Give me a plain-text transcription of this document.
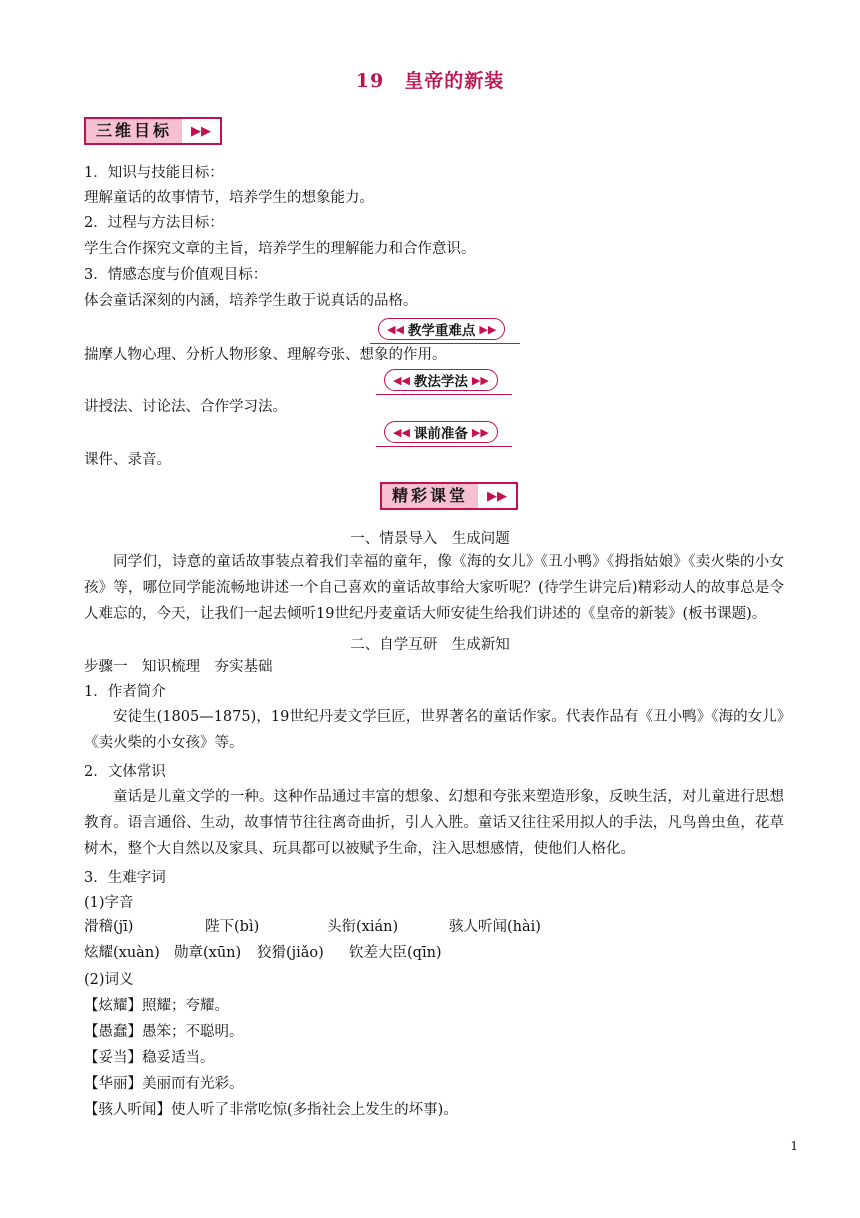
19　皇帝的新装
三维目标	▶▶
1．知识与技能目标：
理解童话的故事情节，培养学生的想象能力。
2．过程与方法目标：
学生合作探究文章的主旨，培养学生的理解能力和合作意识。
3．情感态度与价值观目标：
体会童话深刻的内涵，培养学生敢于说真话的品格。
◀◀ 教学重难点 ▶▶
揣摩人物心理、分析人物形象、理解夸张、想象的作用。
◀◀ 教法学法 ▶▶
讲授法、讨论法、合作学习法。
◀◀ 课前准备 ▶▶
课件、录音。
精彩课堂	▶▶
一、情景导入　生成问题
同学们，诗意的童话故事装点着我们幸福的童年，像《海的女儿》《丑小鸭》《拇指姑娘》《卖火柴的小女孩》等，哪位同学能流畅地讲述一个自己喜欢的童话故事给大家听呢？(待学生讲完后)精彩动人的故事总是令人难忘的，今天，让我们一起去倾听19世纪丹麦童话大师安徒生给我们讲述的《皇帝的新装》(板书课题)。
二、自学互研　生成新知
步骤一　知识梳理　夯实基础
1．作者简介
安徒生(1805—1875)，19世纪丹麦文学巨匠，世界著名的童话作家。代表作品有《丑小鸭》《海的女儿》《卖火柴的小女孩》等。
2．文体常识
童话是儿童文学的一种。这种作品通过丰富的想象、幻想和夸张来塑造形象，反映生活，对儿童进行思想教育。语言通俗、生动，故事情节往往离奇曲折，引人入胜。童话又往往采用拟人的手法，凡鸟兽虫鱼，花草树木，整个大自然以及家具、玩具都可以被赋予生命，注入思想感情，使他们人格化。
3．生难字词
(1)字音
滑稽(jī)	陛下(bì)	头衔(xián)	骇人听闻(hài)
炫耀(xuàn) 勋章(xūn) 狡猾(jiǎo) 钦差大臣(qīn)
(2)词义
【炫耀】照耀；夸耀。
【愚蠢】愚笨；不聪明。
【妥当】稳妥适当。
【华丽】美丽而有光彩。
【骇人听闻】使人听了非常吃惊(多指社会上发生的坏事)。
1
